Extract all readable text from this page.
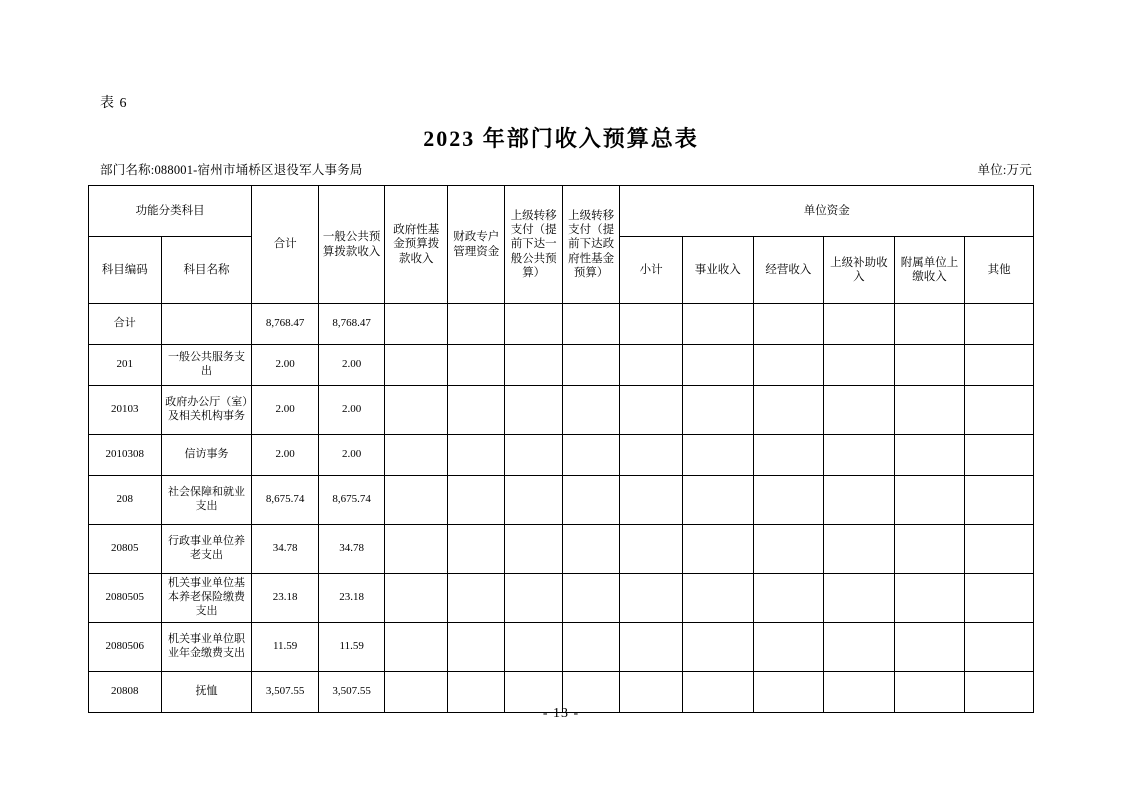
表 6
2023 年部门收入预算总表
部门名称:088001-宿州市埇桥区退役军人事务局	单位:万元
功能分类科目		合计	一般公共预算拨款收入	政府性基金预算拨款收入	财政专户管理资金	上级转移支付（提前下达一般公共预算）	上级转移支付（提前下达政府性基金预算）	单位资金					
科目编码	科目名称							小计	事业收入	经营收入	上级补助收入	附属单位上缴收入	其他
合计		8,768.47	8,768.47										
201	一般公共服务支出	2.00	2.00										
20103	政府办公厅（室）及相关机构事务	2.00	2.00										
2010308	信访事务	2.00	2.00										
208	社会保障和就业支出	8,675.74	8,675.74										
20805	行政事业单位养老支出	34.78	34.78										
2080505	机关事业单位基本养老保险缴费支出	23.18	23.18										
2080506	机关事业单位职业年金缴费支出	11.59	11.59										
20808	抚恤	3,507.55	3,507.55										
- 13 -
